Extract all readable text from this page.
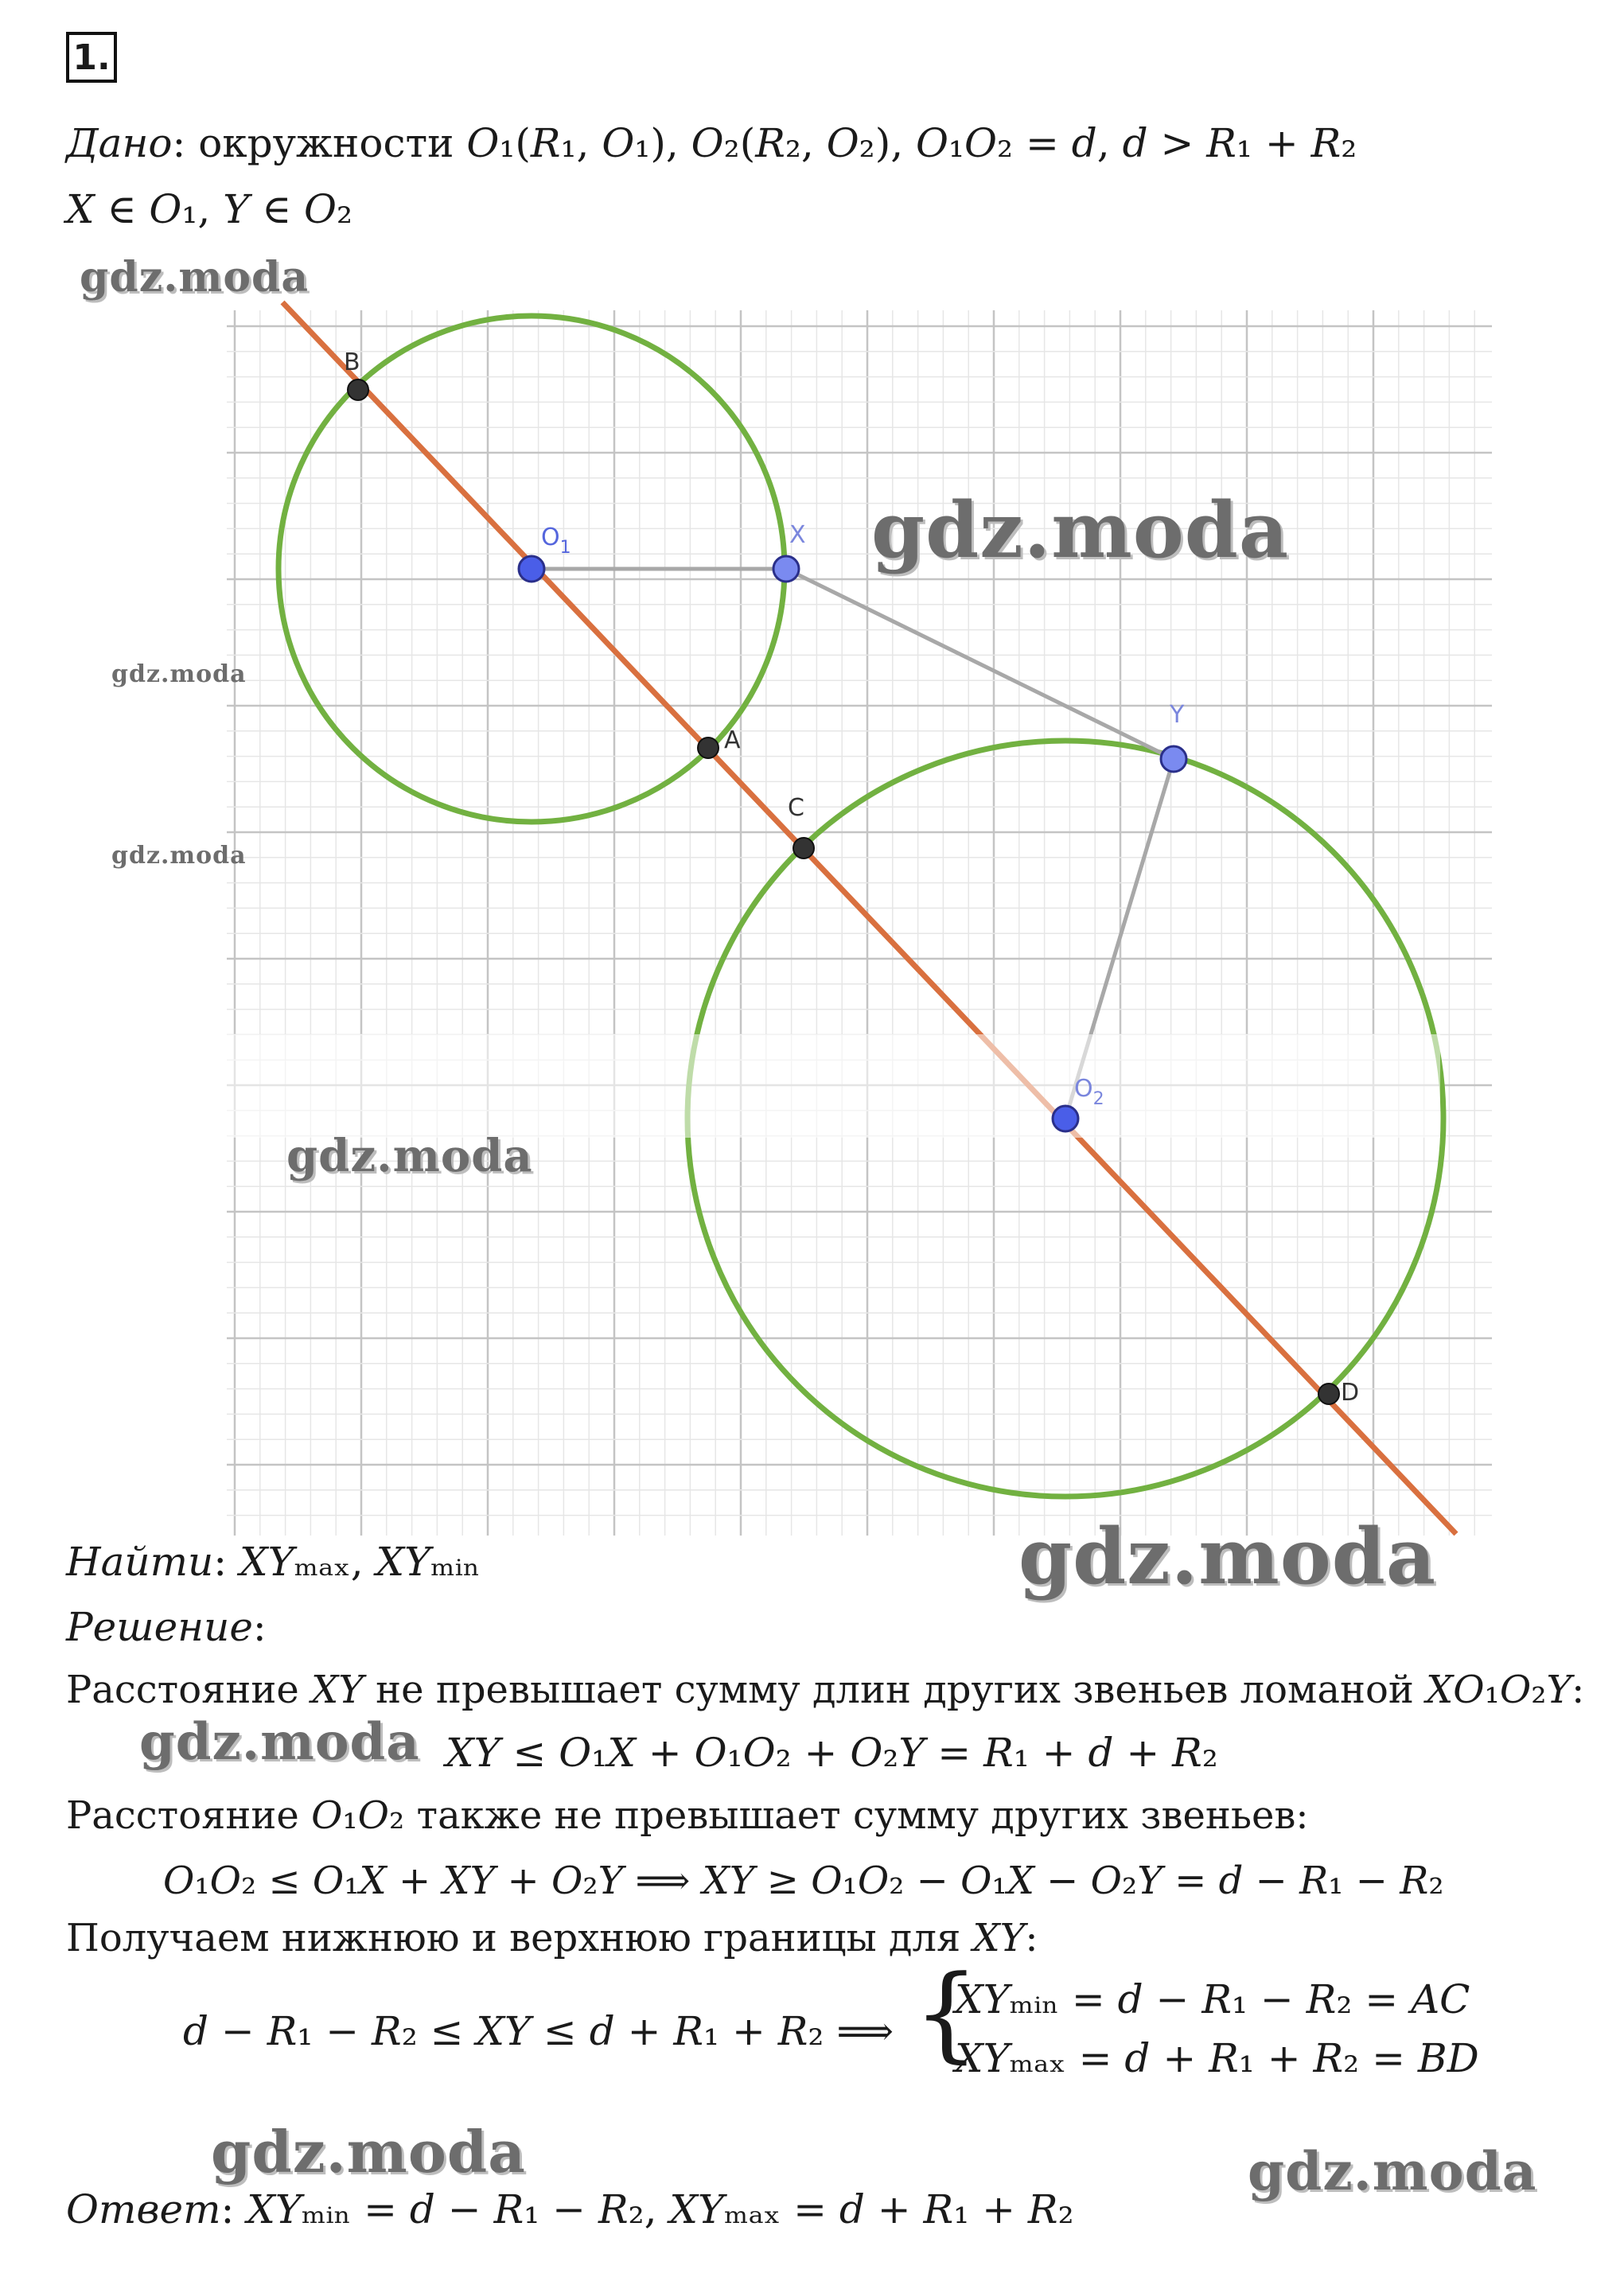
1.
Дано: окружности 𝑂₁(𝑅₁, 𝑂₁), 𝑂₂(𝑅₂, 𝑂₂), 𝑂₁𝑂₂ = 𝑑, 𝑑 > 𝑅₁ + 𝑅₂
𝑋 ∈ 𝑂₁, 𝑌 ∈ 𝑂₂
gdz.moda
B
$O_1$	X
A
C
Y
$O_2$
D
gdz.moda
gdz.moda
gdz.moda
gdz.moda
Найти: 𝑋𝑌ₘₐₓ, 𝑋𝑌ₘᵢₙ	gdz.moda
Решение:
Расстояние 𝑋𝑌 не превышает сумму длин других звеньев ломаной 𝑋𝑂₁𝑂₂𝑌:
gdz.moda 𝑋𝑌 ≤ 𝑂₁𝑋 + 𝑂₁𝑂₂ + 𝑂₂𝑌 = 𝑅₁ + 𝑑 + 𝑅₂
Расстояние 𝑂₁𝑂₂ также не превышает сумму других звеньев:
𝑂₁𝑂₂ ≤ 𝑂₁𝑋 + 𝑋𝑌 + 𝑂₂𝑌 ⟹ 𝑋𝑌 ≥ 𝑂₁𝑂₂ − 𝑂₁𝑋 − 𝑂₂𝑌 = 𝑑 − 𝑅₁ − 𝑅₂
Получаем нижнюю и верхнюю границы для 𝑋𝑌:
𝑑 − 𝑅₁ − 𝑅₂ ≤ 𝑋𝑌 ≤ 𝑑 + 𝑅₁ + 𝑅₂ ⟹ {
𝑋𝑌ₘᵢₙ = 𝑑 − 𝑅₁ − 𝑅₂ = 𝐴𝐶
𝑋𝑌ₘₐₓ = 𝑑 + 𝑅₁ + 𝑅₂ = 𝐵𝐷
gdz.moda	gdz.moda
Ответ: 𝑋𝑌ₘᵢₙ = 𝑑 − 𝑅₁ − 𝑅₂, 𝑋𝑌ₘₐₓ = 𝑑 + 𝑅₁ + 𝑅₂
